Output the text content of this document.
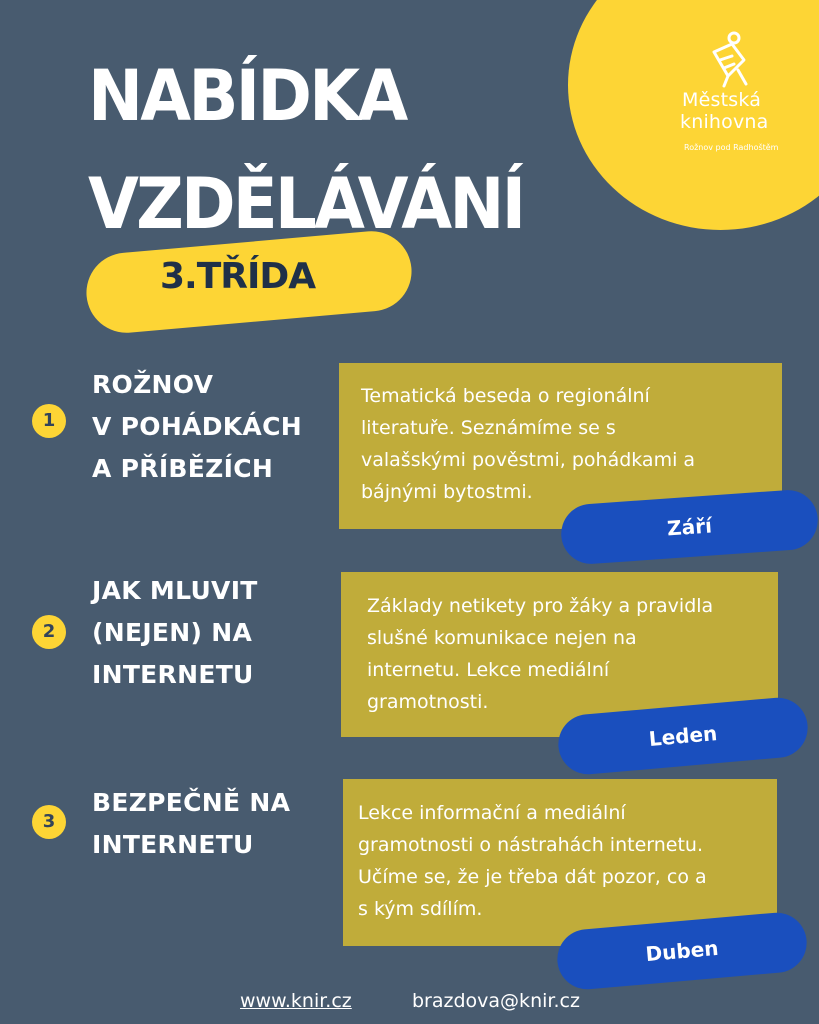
Městská
knihovna
Rožnov pod Radhoštěm
NABÍDKA
VZDĚLÁVÁNÍ
3.TŘÍDA
1
ROŽNOV
V POHÁDKÁCH
A PŘÍBĚZÍCH
Tematická beseda o regionální
literatuře. Seznámíme se s
valašskými pověstmi, pohádkami a
bájnými bytostmi.
Září
2
JAK MLUVIT
(NEJEN) NA
INTERNETU
Základy netikety pro žáky a pravidla
slušné komunikace nejen na
internetu. Lekce mediální
gramotnosti.
Leden
3
BEZPEČNĚ NA
INTERNETU
Lekce informační a mediální
gramotnosti o nástrahách internetu.
Učíme se, že je třeba dát pozor, co a
s kým sdílím.
Duben
www.knir.cz	brazdova@knir.cz
